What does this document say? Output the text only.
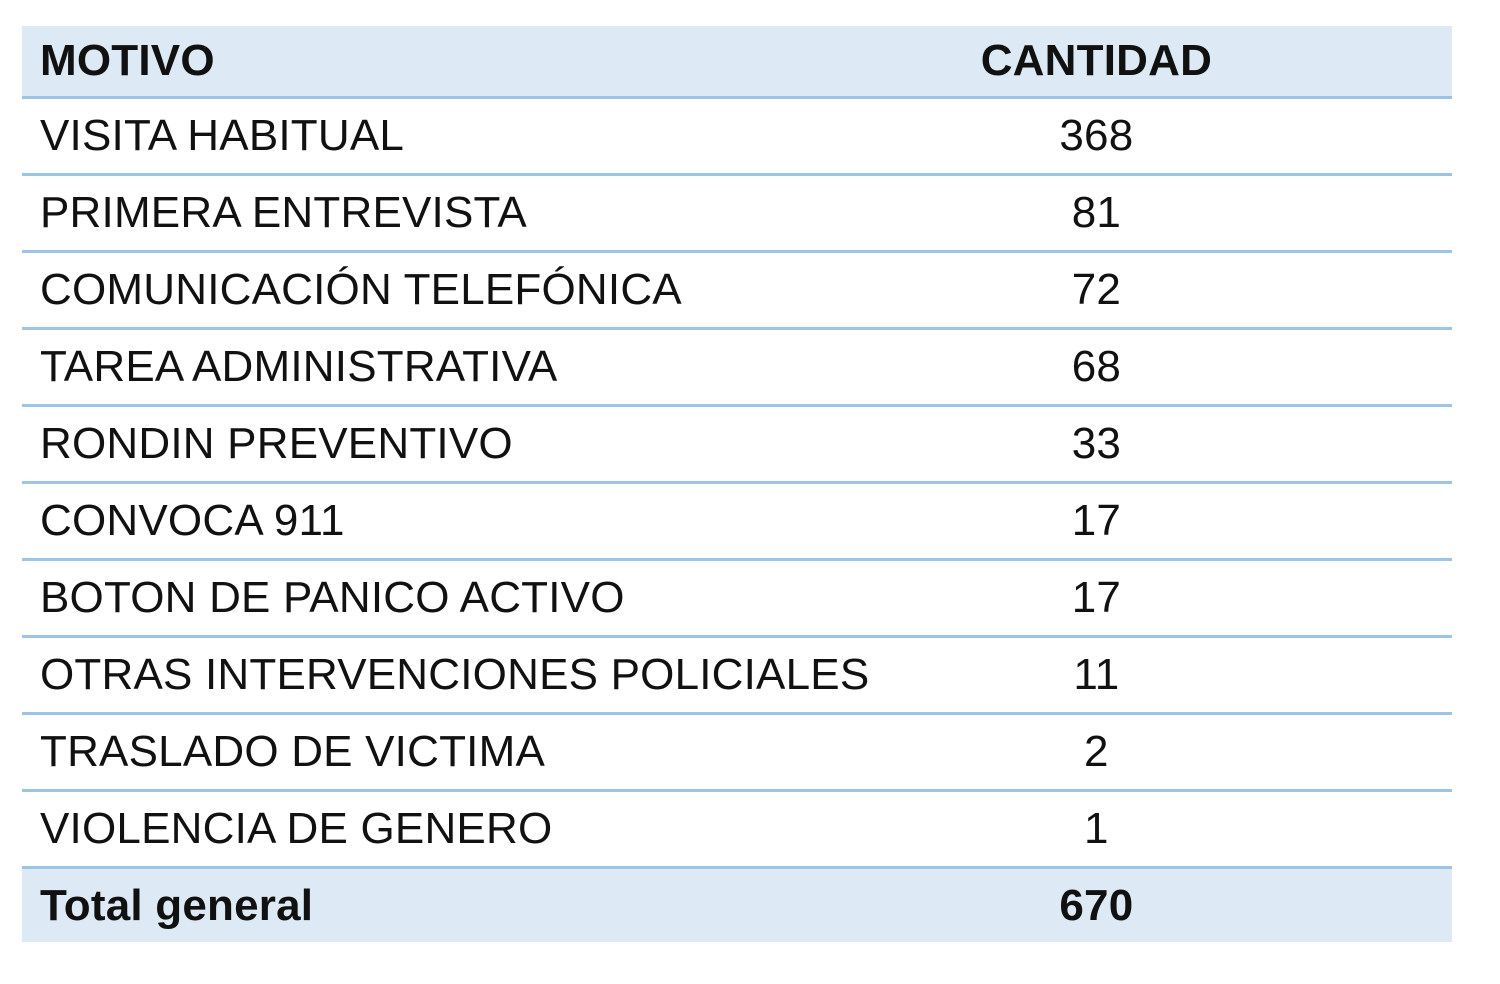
MOTIVO	CANTIDAD
VISITA HABITUAL	368
PRIMERA ENTREVISTA	81
COMUNICACIÓN TELEFÓNICA	72
TAREA ADMINISTRATIVA	68
RONDIN PREVENTIVO	33
CONVOCA 911	17
BOTON DE PANICO ACTIVO	17
OTRAS INTERVENCIONES POLICIALES	11
TRASLADO DE VICTIMA	2
VIOLENCIA DE GENERO	1
Total general	670
